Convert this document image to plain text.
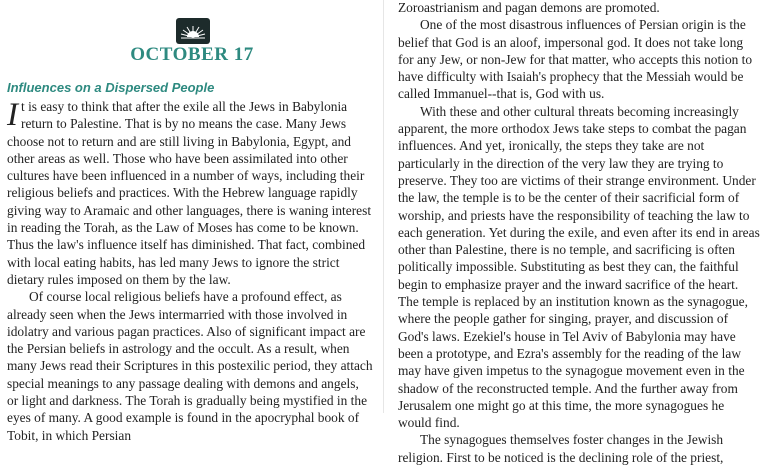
OCTOBER 17
Influences on a Dispersed People

It is easy to think that after the exile all the Jews in Babylonia return to Palestine. That is by no means the case. Many Jews choose not to return and are still living in Babylonia, Egypt, and other areas as well. Those who have been assimilated into other cultures have been influenced in a number of ways, including their religious beliefs and practices. With the Hebrew language rapidly giving way to Aramaic and other languages, there is waning interest in reading the Torah, as the Law of Moses has come to be known. Thus the law's influence itself has diminished. That fact, combined with local eating habits, has led many Jews to ignore the strict dietary rules imposed on them by the law.

Of course local religious beliefs have a profound effect, as already seen when the Jews intermarried with those involved in idolatry and various pagan practices. Also of significant impact are the Persian beliefs in astrology and the occult. As a result, when many Jews read their Scriptures in this postexilic period, they attach special meanings to any passage dealing with demons and angels, or light and darkness. The Torah is gradually being mystified in the eyes of many. A good example is found in the apocryphal book of Tobit, in which Persian

Zoroastrianism and pagan demons are promoted.

One of the most disastrous influences of Persian origin is the belief that God is an aloof, impersonal god. It does not take long for any Jew, or non-Jew for that matter, who accepts this notion to have difficulty with Isaiah's prophecy that the Messiah would be called Immanuel--that is, God with us.

With these and other cultural threats becoming increasingly apparent, the more orthodox Jews take steps to combat the pagan influences. And yet, ironically, the steps they take are not particularly in the direction of the very law they are trying to preserve. They too are victims of their strange environment. Under the law, the temple is to be the center of their sacrificial form of worship, and priests have the responsibility of teaching the law to each generation. Yet during the exile, and even after its end in areas other than Palestine, there is no temple, and sacrificing is often politically impossible. Substituting as best they can, the faithful begin to emphasize prayer and the inward sacrifice of the heart. The temple is replaced by an institution known as the synagogue, where the people gather for singing, prayer, and discussion of God's laws. Ezekiel's house in Tel Aviv of Babylonia may have been a prototype, and Ezra's assembly for the reading of the law may have given impetus to the synagogue movement even in the shadow of the reconstructed temple. And the further away from Jerusalem one might go at this time, the more synagogues he would find.

The synagogues themselves foster changes in the Jewish religion. First to be noticed is the declining role of the priest,
